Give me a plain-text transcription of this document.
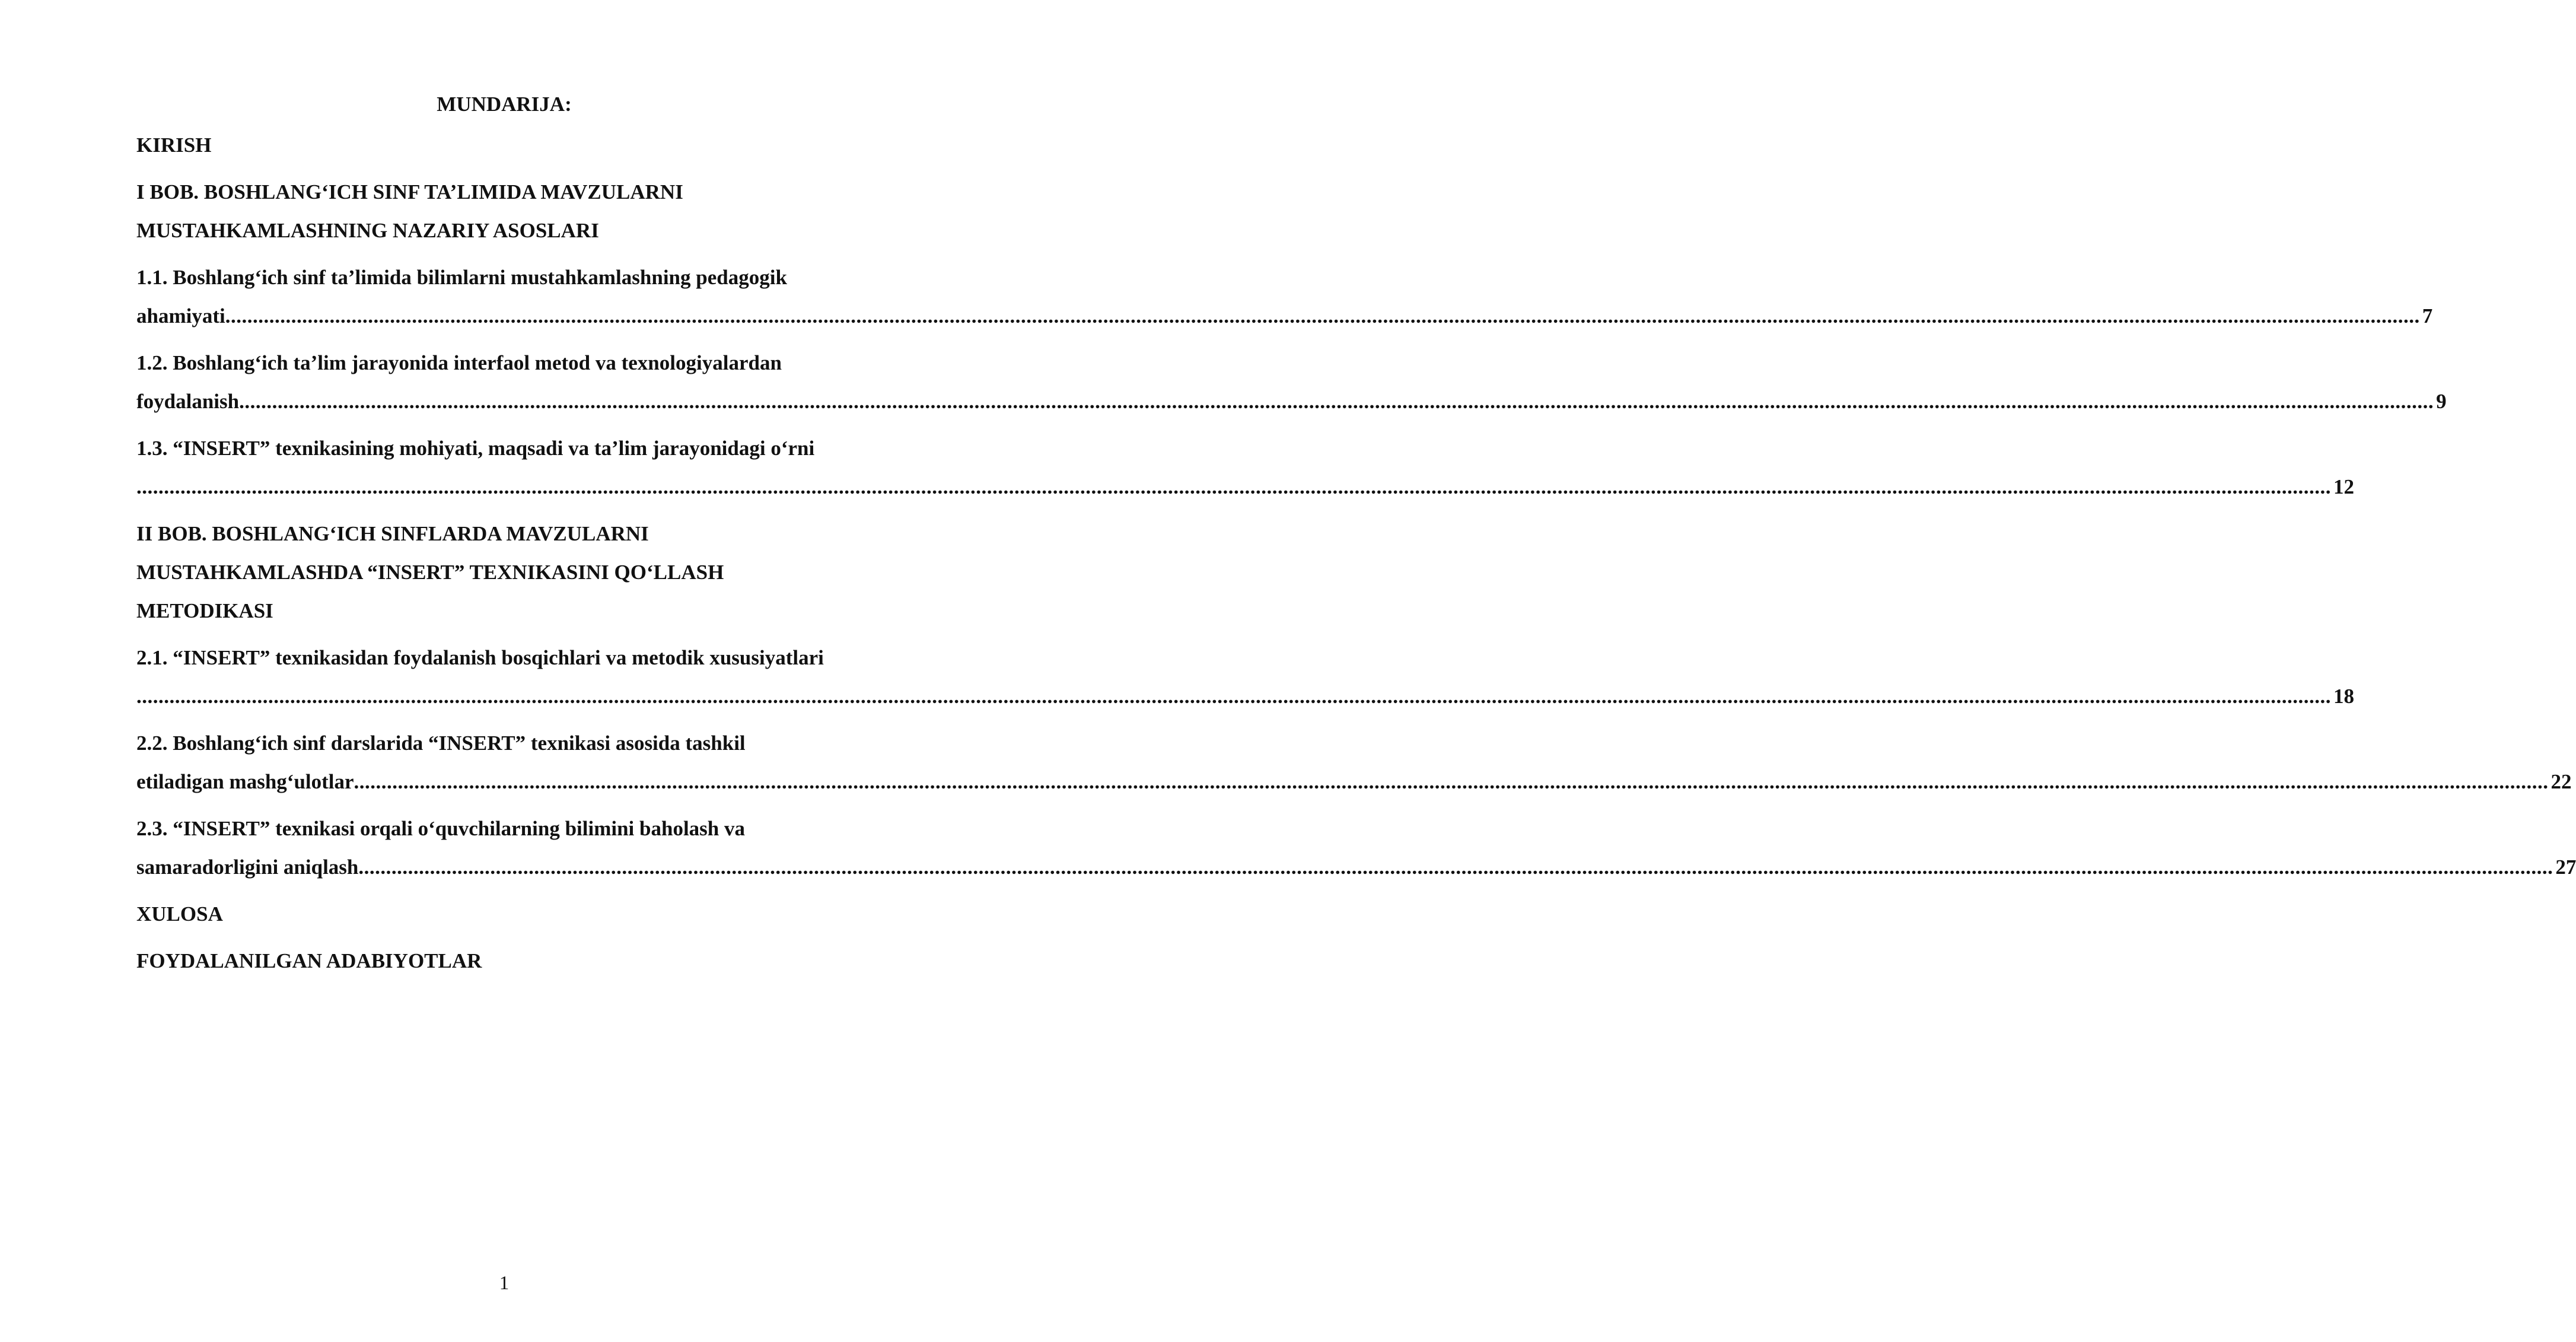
MUNDARIJA:
KIRISH
I BOB. BOSHLANG‘ICH SINF TA’LIMIDA MAVZULARNI
MUSTAHKAMLASHNING NAZARIY ASOSLARI
1.1. Boshlang‘ich sinf ta’limida bilimlarni mustahkamlashning pedagogik
ahamiyati ................................................................................................................................................................................................................................................................................................................................................................................................................ 7
1.2. Boshlang‘ich ta’lim jarayonida interfaol metod va texnologiyalardan
foydalanish ................................................................................................................................................................................................................................................................................................................................................................................................................ 9
1.3. “INSERT” texnikasining mohiyati, maqsadi va ta’lim jarayonidagi o‘rni
................................................................................................................................................................................................................................................................................................................................................................................................................ 12
II BOB. BOSHLANG‘ICH SINFLARDA MAVZULARNI
MUSTAHKAMLASHDA “INSERT” TEXNIKASINI QO‘LLASH
METODIKASI
2.1. “INSERT” texnikasidan foydalanish bosqichlari va metodik xususiyatlari
................................................................................................................................................................................................................................................................................................................................................................................................................ 18
2.2. Boshlang‘ich sinf darslarida “INSERT” texnikasi asosida tashkil
etiladigan mashg‘ulotlar ................................................................................................................................................................................................................................................................................................................................................................................................................ 22
2.3. “INSERT” texnikasi orqali o‘quvchilarning bilimini baholash va
samaradorligini aniqlash ................................................................................................................................................................................................................................................................................................................................................................................................................ 27
XULOSA
FOYDALANILGAN ADABIYOTLAR
1
